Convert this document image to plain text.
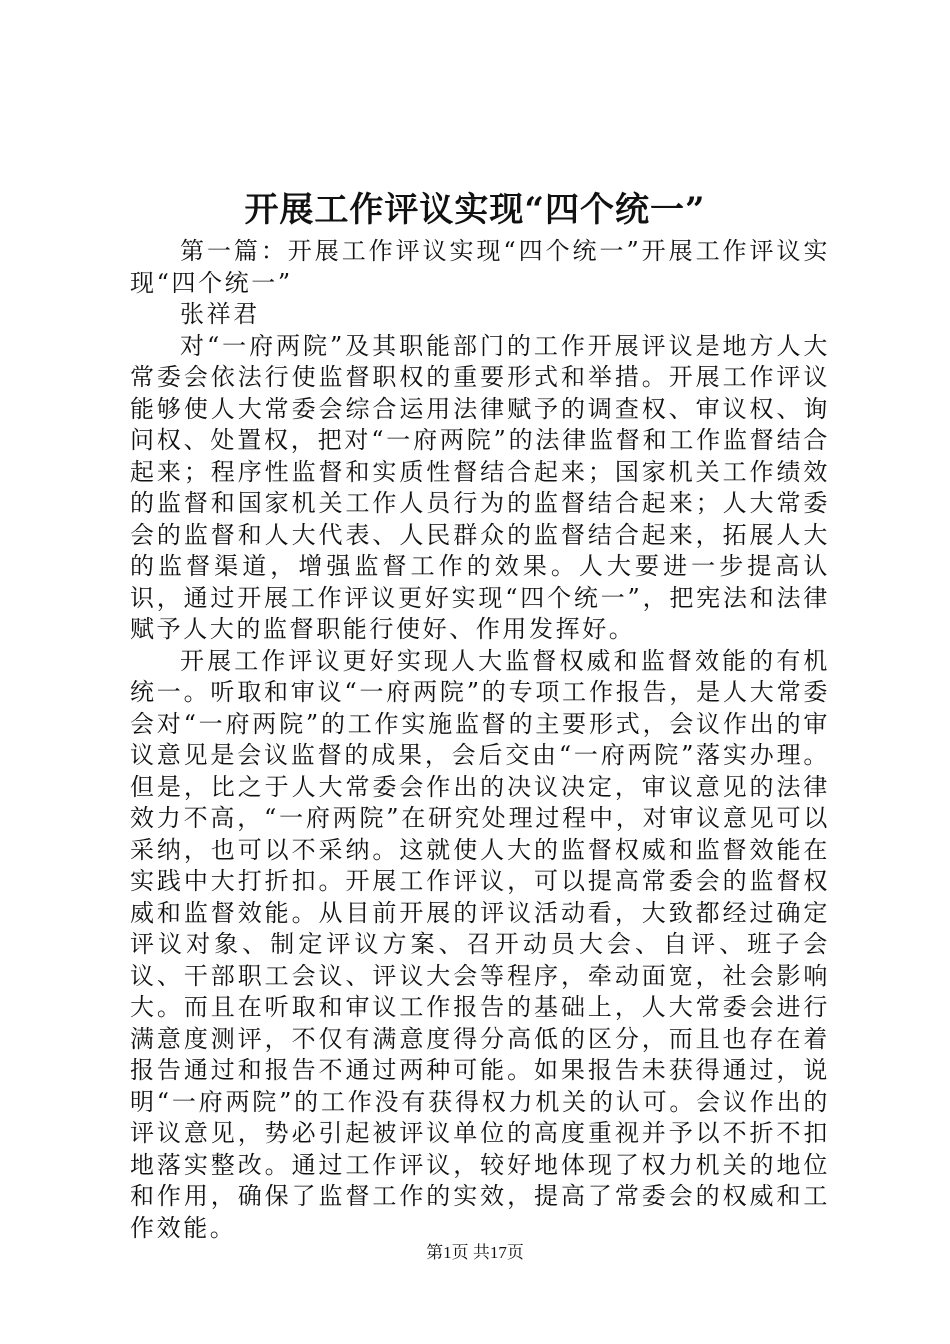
开展工作评议实现“四个统一”

第一篇：开展工作评议实现“四个统一”开展工作评议实现“四个统一”

张祥君

对“一府两院”及其职能部门的工作开展评议是地方人大常委会依法行使监督职权的重要形式和举措。开展工作评议能够使人大常委会综合运用法律赋予的调查权、审议权、询问权、处置权，把对“一府两院”的法律监督和工作监督结合起来；程序性监督和实质性督结合起来；国家机关工作绩效的监督和国家机关工作人员行为的监督结合起来；人大常委会的监督和人大代表、人民群众的监督结合起来，拓展人大的监督渠道，增强监督工作的效果。人大要进一步提高认识，通过开展工作评议更好实现“四个统一”，把宪法和法律赋予人大的监督职能行使好、作用发挥好。

开展工作评议更好实现人大监督权威和监督效能的有机统一。听取和审议“一府两院”的专项工作报告，是人大常委会对“一府两院”的工作实施监督的主要形式，会议作出的审议意见是会议监督的成果，会后交由“一府两院”落实办理。但是，比之于人大常委会作出的决议决定，审议意见的法律效力不高，“一府两院”在研究处理过程中，对审议意见可以采纳，也可以不采纳。这就使人大的监督权威和监督效能在实践中大打折扣。开展工作评议，可以提高常委会的监督权威和监督效能。从目前开展的评议活动看，大致都经过确定评议对象、制定评议方案、召开动员大会、自评、班子会议、干部职工会议、评议大会等程序，牵动面宽，社会影响大。而且在听取和审议工作报告的基础上，人大常委会进行满意度测评，不仅有满意度得分高低的区分，而且也存在着报告通过和报告不通过两种可能。如果报告未获得通过，说明“一府两院”的工作没有获得权力机关的认可。会议作出的评议意见，势必引起被评议单位的高度重视并予以不折不扣地落实整改。通过工作评议，较好地体现了权力机关的地位和作用，确保了监督工作的实效，提高了常委会的权威和工作效能。

第1页 共17页
